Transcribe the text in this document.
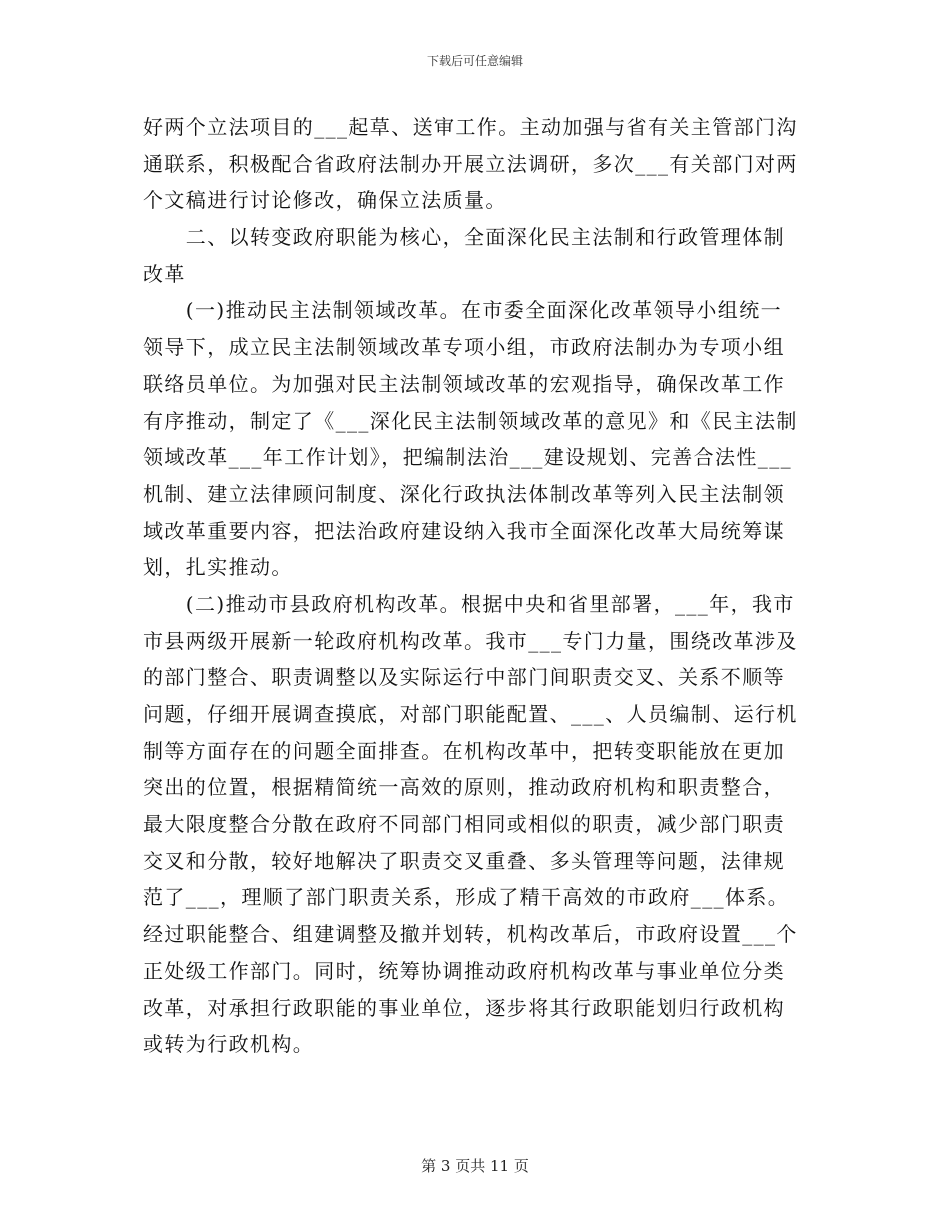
下载后可任意编辑
好两个立法项目的___起草、送审工作。主动加强与省有关主管部门沟
通联系，积极配合省政府法制办开展立法调研，多次___有关部门对两
个文稿进行讨论修改，确保立法质量。
　　二、以转变政府职能为核心，全面深化民主法制和行政管理体制
改革
　　(一)推动民主法制领域改革。在市委全面深化改革领导小组统一
领导下，成立民主法制领域改革专项小组，市政府法制办为专项小组
联络员单位。为加强对民主法制领域改革的宏观指导，确保改革工作
有序推动，制定了《___深化民主法制领域改革的意见》和《民主法制
领域改革___年工作计划》，把编制法治___建设规划、完善合法性___
机制、建立法律顾问制度、深化行政执法体制改革等列入民主法制领
域改革重要内容，把法治政府建设纳入我市全面深化改革大局统筹谋
划，扎实推动。
　　(二)推动市县政府机构改革。根据中央和省里部署，___年，我市
市县两级开展新一轮政府机构改革。我市___专门力量，围绕改革涉及
的部门整合、职责调整以及实际运行中部门间职责交叉、关系不顺等
问题，仔细开展调查摸底，对部门职能配置、___、人员编制、运行机
制等方面存在的问题全面排查。在机构改革中，把转变职能放在更加
突出的位置，根据精简统一高效的原则，推动政府机构和职责整合，
最大限度整合分散在政府不同部门相同或相似的职责，减少部门职责
交叉和分散，较好地解决了职责交叉重叠、多头管理等问题，法律规
范了___，理顺了部门职责关系，形成了精干高效的市政府___体系。
经过职能整合、组建调整及撤并划转，机构改革后，市政府设置___个
正处级工作部门。同时，统筹协调推动政府机构改革与事业单位分类
改革，对承担行政职能的事业单位，逐步将其行政职能划归行政机构
或转为行政机构。
第 3 页共 11 页
